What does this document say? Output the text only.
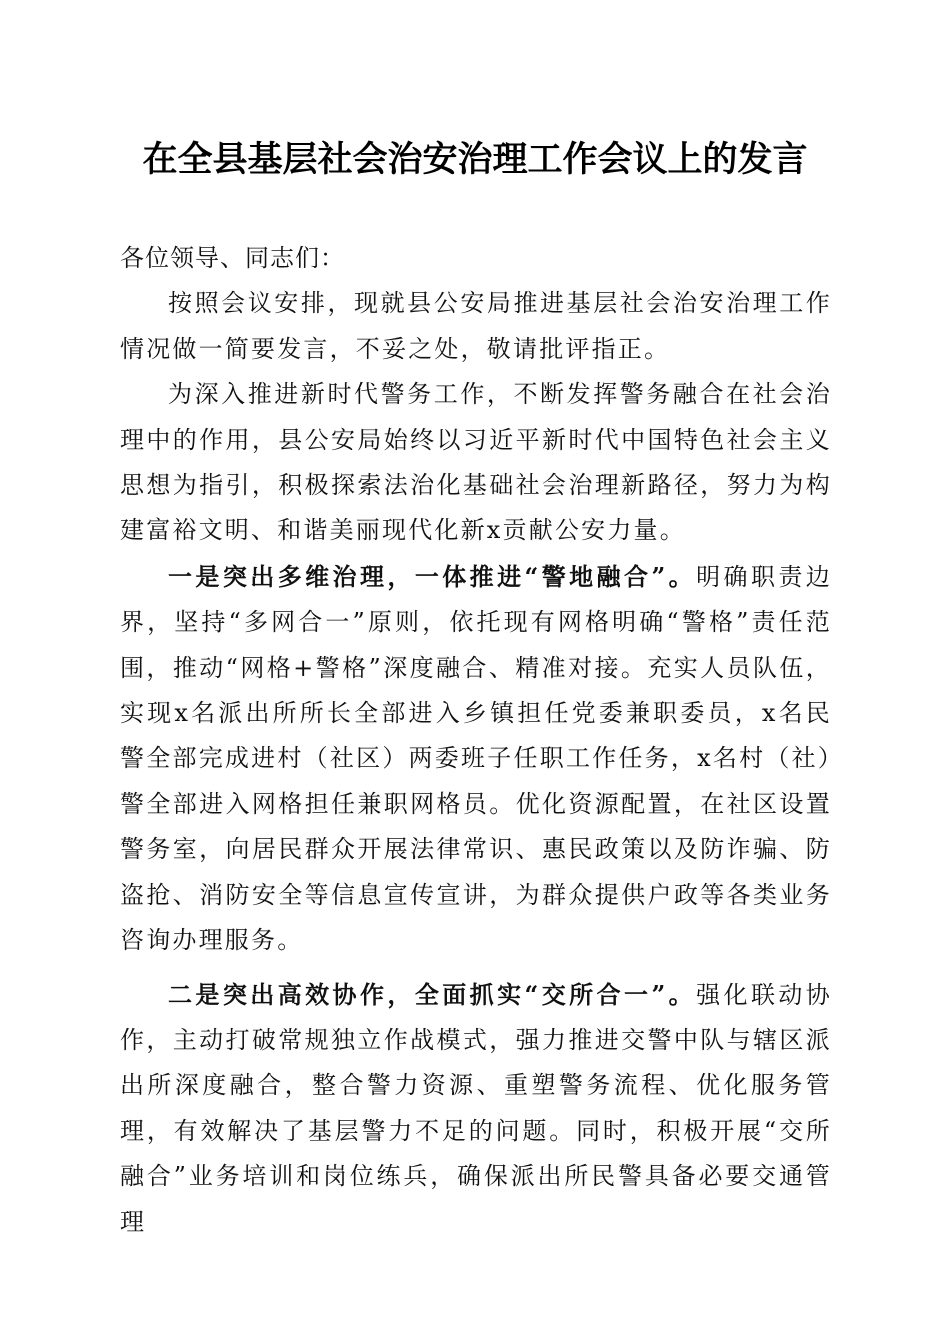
在全县基层社会治安治理工作会议上的发言

各位领导、同志们：

按照会议安排，现就县公安局推进基层社会治安治理工作情况做一简要发言，不妥之处，敬请批评指正。

为深入推进新时代警务工作，不断发挥警务融合在社会治理中的作用，县公安局始终以习近平新时代中国特色社会主义思想为指引，积极探索法治化基础社会治理新路径，努力为构建富裕文明、和谐美丽现代化新x贡献公安力量。

一是突出多维治理，一体推进“警地融合”。明确职责边界，坚持“多网合一”原则，依托现有网格明确“警格”责任范围，推动“网格+警格”深度融合、精准对接。充实人员队伍，实现x名派出所所长全部进入乡镇担任党委兼职委员，x名民警全部完成进村（社区）两委班子任职工作任务，x名村（社）警全部进入网格担任兼职网格员。优化资源配置，在社区设置警务室，向居民群众开展法律常识、惠民政策以及防诈骗、防盗抢、消防安全等信息宣传宣讲，为群众提供户政等各类业务咨询办理服务。

二是突出高效协作，全面抓实“交所合一”。强化联动协作，主动打破常规独立作战模式，强力推进交警中队与辖区派出所深度融合，整合警力资源、重塑警务流程、优化服务管理，有效解决了基层警力不足的问题。同时，积极开展“交所融合”业务培训和岗位练兵，确保派出所民警具备必要交通管理
